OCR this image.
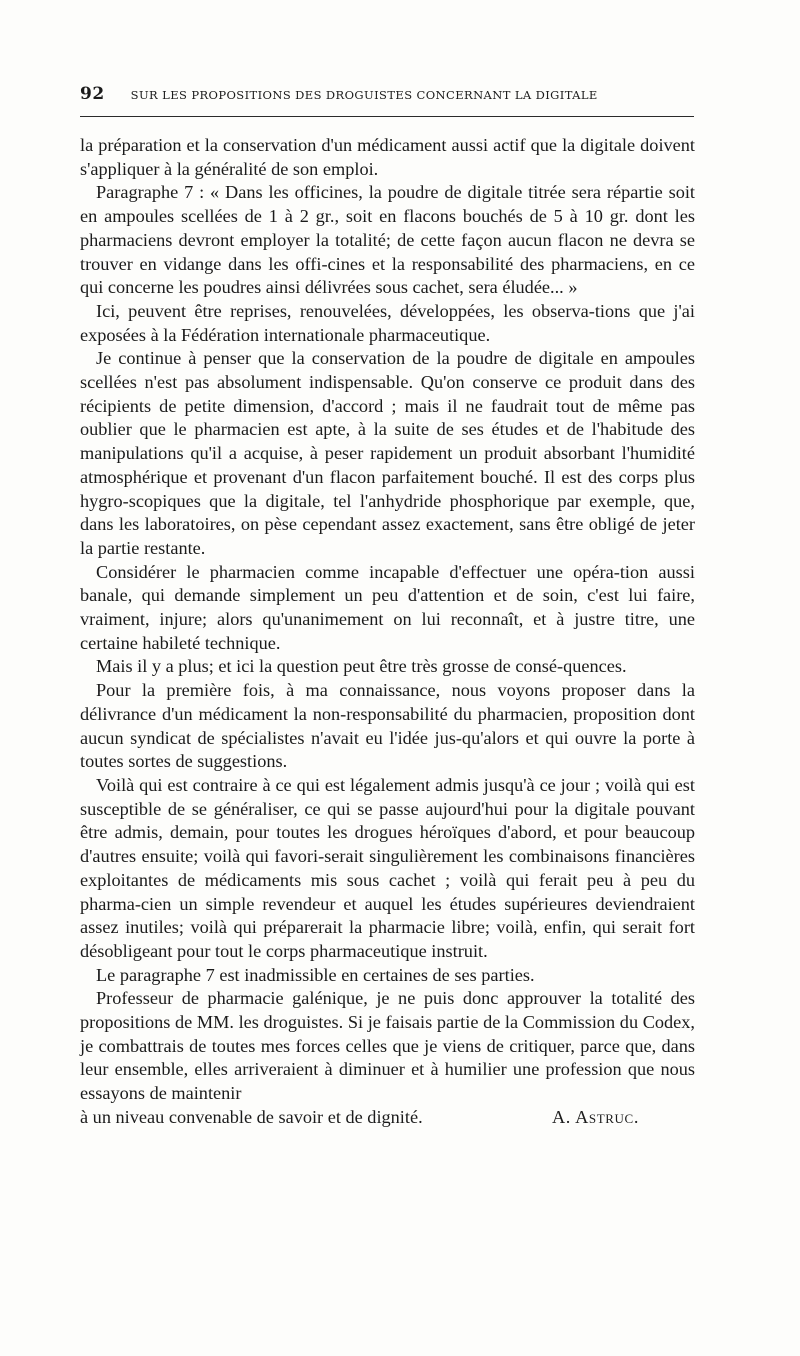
92 SUR LES PROPOSITIONS DES DROGUISTES CONCERNANT LA DIGITALE

la préparation et la conservation d'un médicament aussi actif que la digitale doivent s'appliquer à la généralité de son emploi.

Paragraphe 7 : « Dans les officines, la poudre de digitale titrée sera répartie soit en ampoules scellées de 1 à 2 gr., soit en flacons bouchés de 5 à 10 gr. dont les pharmaciens devront employer la totalité; de cette façon aucun flacon ne devra se trouver en vidange dans les offi-cines et la responsabilité des pharmaciens, en ce qui concerne les poudres ainsi délivrées sous cachet, sera éludée... »

Ici, peuvent être reprises, renouvelées, développées, les observa-tions que j'ai exposées à la Fédération internationale pharmaceutique.

Je continue à penser que la conservation de la poudre de digitale en ampoules scellées n'est pas absolument indispensable. Qu'on conserve ce produit dans des récipients de petite dimension, d'accord ; mais il ne faudrait tout de même pas oublier que le pharmacien est apte, à la suite de ses études et de l'habitude des manipulations qu'il a acquise, à peser rapidement un produit absorbant l'humidité atmosphérique et provenant d'un flacon parfaitement bouché. Il est des corps plus hygro-scopiques que la digitale, tel l'anhydride phosphorique par exemple, que, dans les laboratoires, on pèse cependant assez exactement, sans être obligé de jeter la partie restante.

Considérer le pharmacien comme incapable d'effectuer une opéra-tion aussi banale, qui demande simplement un peu d'attention et de soin, c'est lui faire, vraiment, injure; alors qu'unanimement on lui reconnaît, et à justre titre, une certaine habileté technique.

Mais il y a plus; et ici la question peut être très grosse de consé-quences.

Pour la première fois, à ma connaissance, nous voyons proposer dans la délivrance d'un médicament la non-responsabilité du pharmacien, proposition dont aucun syndicat de spécialistes n'avait eu l'idée jus-qu'alors et qui ouvre la porte à toutes sortes de suggestions.

Voilà qui est contraire à ce qui est légalement admis jusqu'à ce jour ; voilà qui est susceptible de se généraliser, ce qui se passe aujourd'hui pour la digitale pouvant être admis, demain, pour toutes les drogues héroïques d'abord, et pour beaucoup d'autres ensuite; voilà qui favori-serait singulièrement les combinaisons financières exploitantes de médicaments mis sous cachet ; voilà qui ferait peu à peu du pharma-cien un simple revendeur et auquel les études supérieures deviendraient assez inutiles; voilà qui préparerait la pharmacie libre; voilà, enfin, qui serait fort désobligeant pour tout le corps pharmaceutique instruit.

Le paragraphe 7 est inadmissible en certaines de ses parties.

Professeur de pharmacie galénique, je ne puis donc approuver la totalité des propositions de MM. les droguistes. Si je faisais partie de la Commission du Codex, je combattrais de toutes mes forces celles que je viens de critiquer, parce que, dans leur ensemble, elles arriveraient à diminuer et à humilier une profession que nous essayons de maintenir

à un niveau convenable de savoir et de dignité.	A. Astruc.
